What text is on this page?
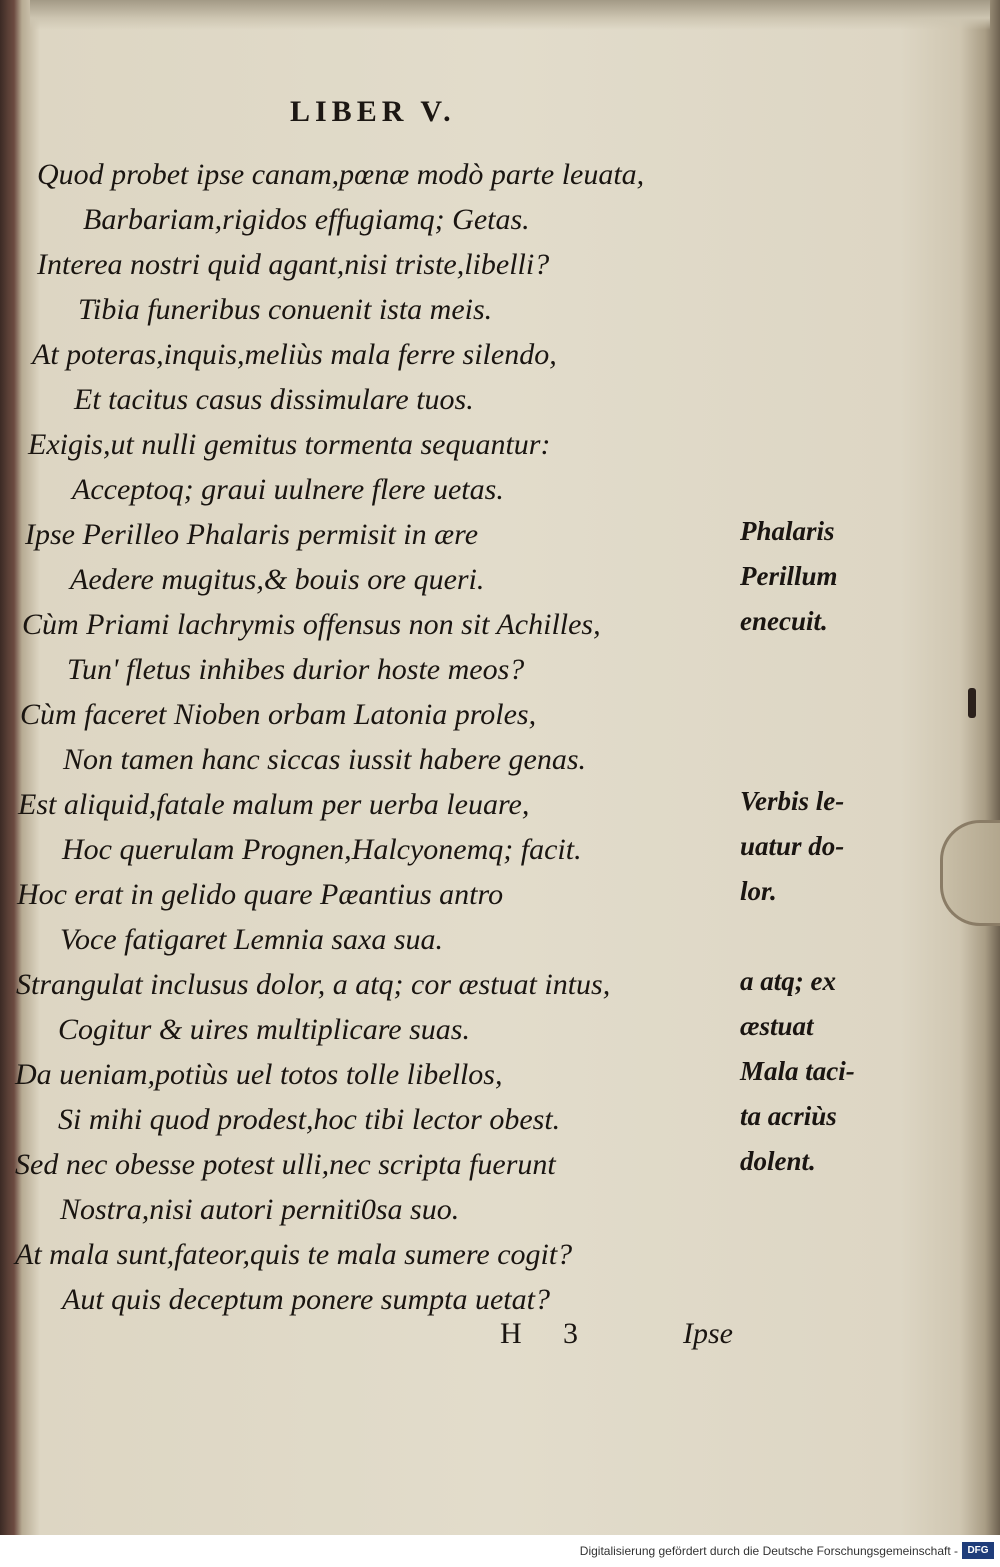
LIBER V.
Quod probet ipse canam,pœnæ modò parte leuata,
Barbariam,rigidos effugiamq; Getas.
Interea nostri quid agant,nisi triste,libelli?
Tibia funeribus conuenit ista meis.
At poteras,inquis,meliùs mala ferre silendo,
Et tacitus casus dissimulare tuos.
Exigis,ut nulli gemitus tormenta sequantur:
Acceptoq; graui uulnere flere uetas.
Ipse Perilleo Phalaris permisit in ære
Aedere mugitus,& bouis ore queri.
Cùm Priami lachrymis offensus non sit Achilles,
Tun' fletus inhibes durior hoste meos?
Cùm faceret Nioben orbam Latonia proles,
Non tamen hanc siccas iussit habere genas.
Est aliquid,fatale malum per uerba leuare,
Hoc querulam Prognen,Halcyonemq; facit.
Hoc erat in gelido quare Pæantius antro
Voce fatigaret Lemnia saxa sua.
Strangulat inclusus dolor, a atq; cor æstuat intus,
Cogitur & uires multiplicare suas.
Da ueniam,potiùs uel totos tolle libellos,
Si mihi quod prodest,hoc tibi lector obest.
Sed nec obesse potest ulli,nec scripta fuerunt
Nostra,nisi autori perniti0sa suo.
At mala sunt,fateor,quis te mala sumere cogit?
Aut quis deceptum ponere sumpta uetat?
Phalaris
Perillum
enecuit.
Verbis le-
uatur do-
lor.
a atq; ex
æstuat
Mala taci-
ta acriùs
dolent.
H 3	Ipse
Digitalisierung gefördert durch die Deutsche Forschungsgemeinschaft - DFG
